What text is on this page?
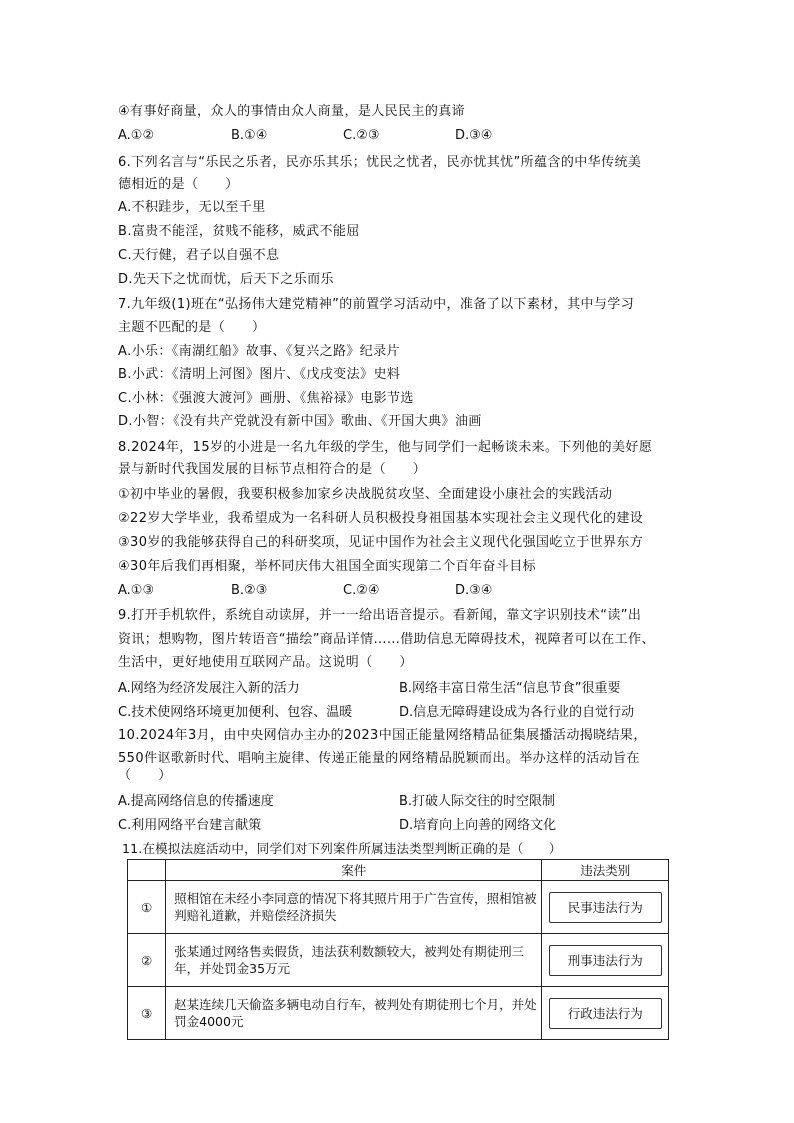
④有事好商量，众人的事情由众人商量，是人民民主的真谛
A.①②	B.①④	C.②③	D.③④
6.下列名言与“乐民之乐者，民亦乐其乐；忧民之忧者，民亦忧其忧”所蕴含的中华传统美
德相近的是（　　）
A.不积跬步，无以至千里
B.富贵不能淫，贫贱不能移，威武不能屈
C.天行健，君子以自强不息
D.先天下之忧而忧，后天下之乐而乐
7.九年级(1)班在“弘扬伟大建党精神”的前置学习活动中，准备了以下素材，其中与学习
主题不匹配的是（　　）
A.小乐：《南湖红船》故事、《复兴之路》纪录片
B.小武：《清明上河图》图片、《戊戌变法》史料
C.小林：《强渡大渡河》画册、《焦裕禄》电影节选
D.小智：《没有共产党就没有新中国》歌曲、《开国大典》油画
8.2024年，15岁的小进是一名九年级的学生，他与同学们一起畅谈未来。下列他的美好愿
景与新时代我国发展的目标节点相符合的是（　　）
①初中毕业的暑假，我要积极参加家乡决战脱贫攻坚、全面建设小康社会的实践活动
②22岁大学毕业，我希望成为一名科研人员积极投身祖国基本实现社会主义现代化的建设
③30岁的我能够获得自己的科研奖项，见证中国作为社会主义现代化强国屹立于世界东方
④30年后我们再相聚，举杯同庆伟大祖国全面实现第二个百年奋斗目标
A.①③	B.②③	C.②④	D.③④
9.打开手机软件，系统自动读屏，并一一给出语音提示。看新闻，靠文字识别技术“读”出
资讯；想购物，图片转语音“描绘”商品详情……借助信息无障碍技术，视障者可以在工作、
生活中，更好地使用互联网产品。这说明（　　）
A.网络为经济发展注入新的活力	B.网络丰富日常生活“信息节食”很重要
C.技术使网络环境更加便利、包容、温暖	D.信息无障碍建设成为各行业的自觉行动
10.2024年3月，由中央网信办主办的2023中国正能量网络精品征集展播活动揭晓结果，
550件讴歌新时代、唱响主旋律、传递正能量的网络精品脱颖而出。举办这样的活动旨在
（　　）
A.提高网络信息的传播速度	B.打破人际交往的时空限制
C.利用网络平台建言献策	D.培育向上向善的网络文化
11.在模拟法庭活动中，同学们对下列案件所属违法类型判断正确的是（　　）
	案件	违法类别
①	照相馆在未经小李同意的情况下将其照片用于广告宣传，照相馆被判赔礼道歉，并赔偿经济损失	民事违法行为

②	张某通过网络售卖假货，违法获利数额较大，被判处有期徒刑三年，并处罚金35万元	刑事违法行为

③	赵某连续几天偷盗多辆电动自行车，被判处有期徒刑七个月，并处罚金4000元	行政违法行为
